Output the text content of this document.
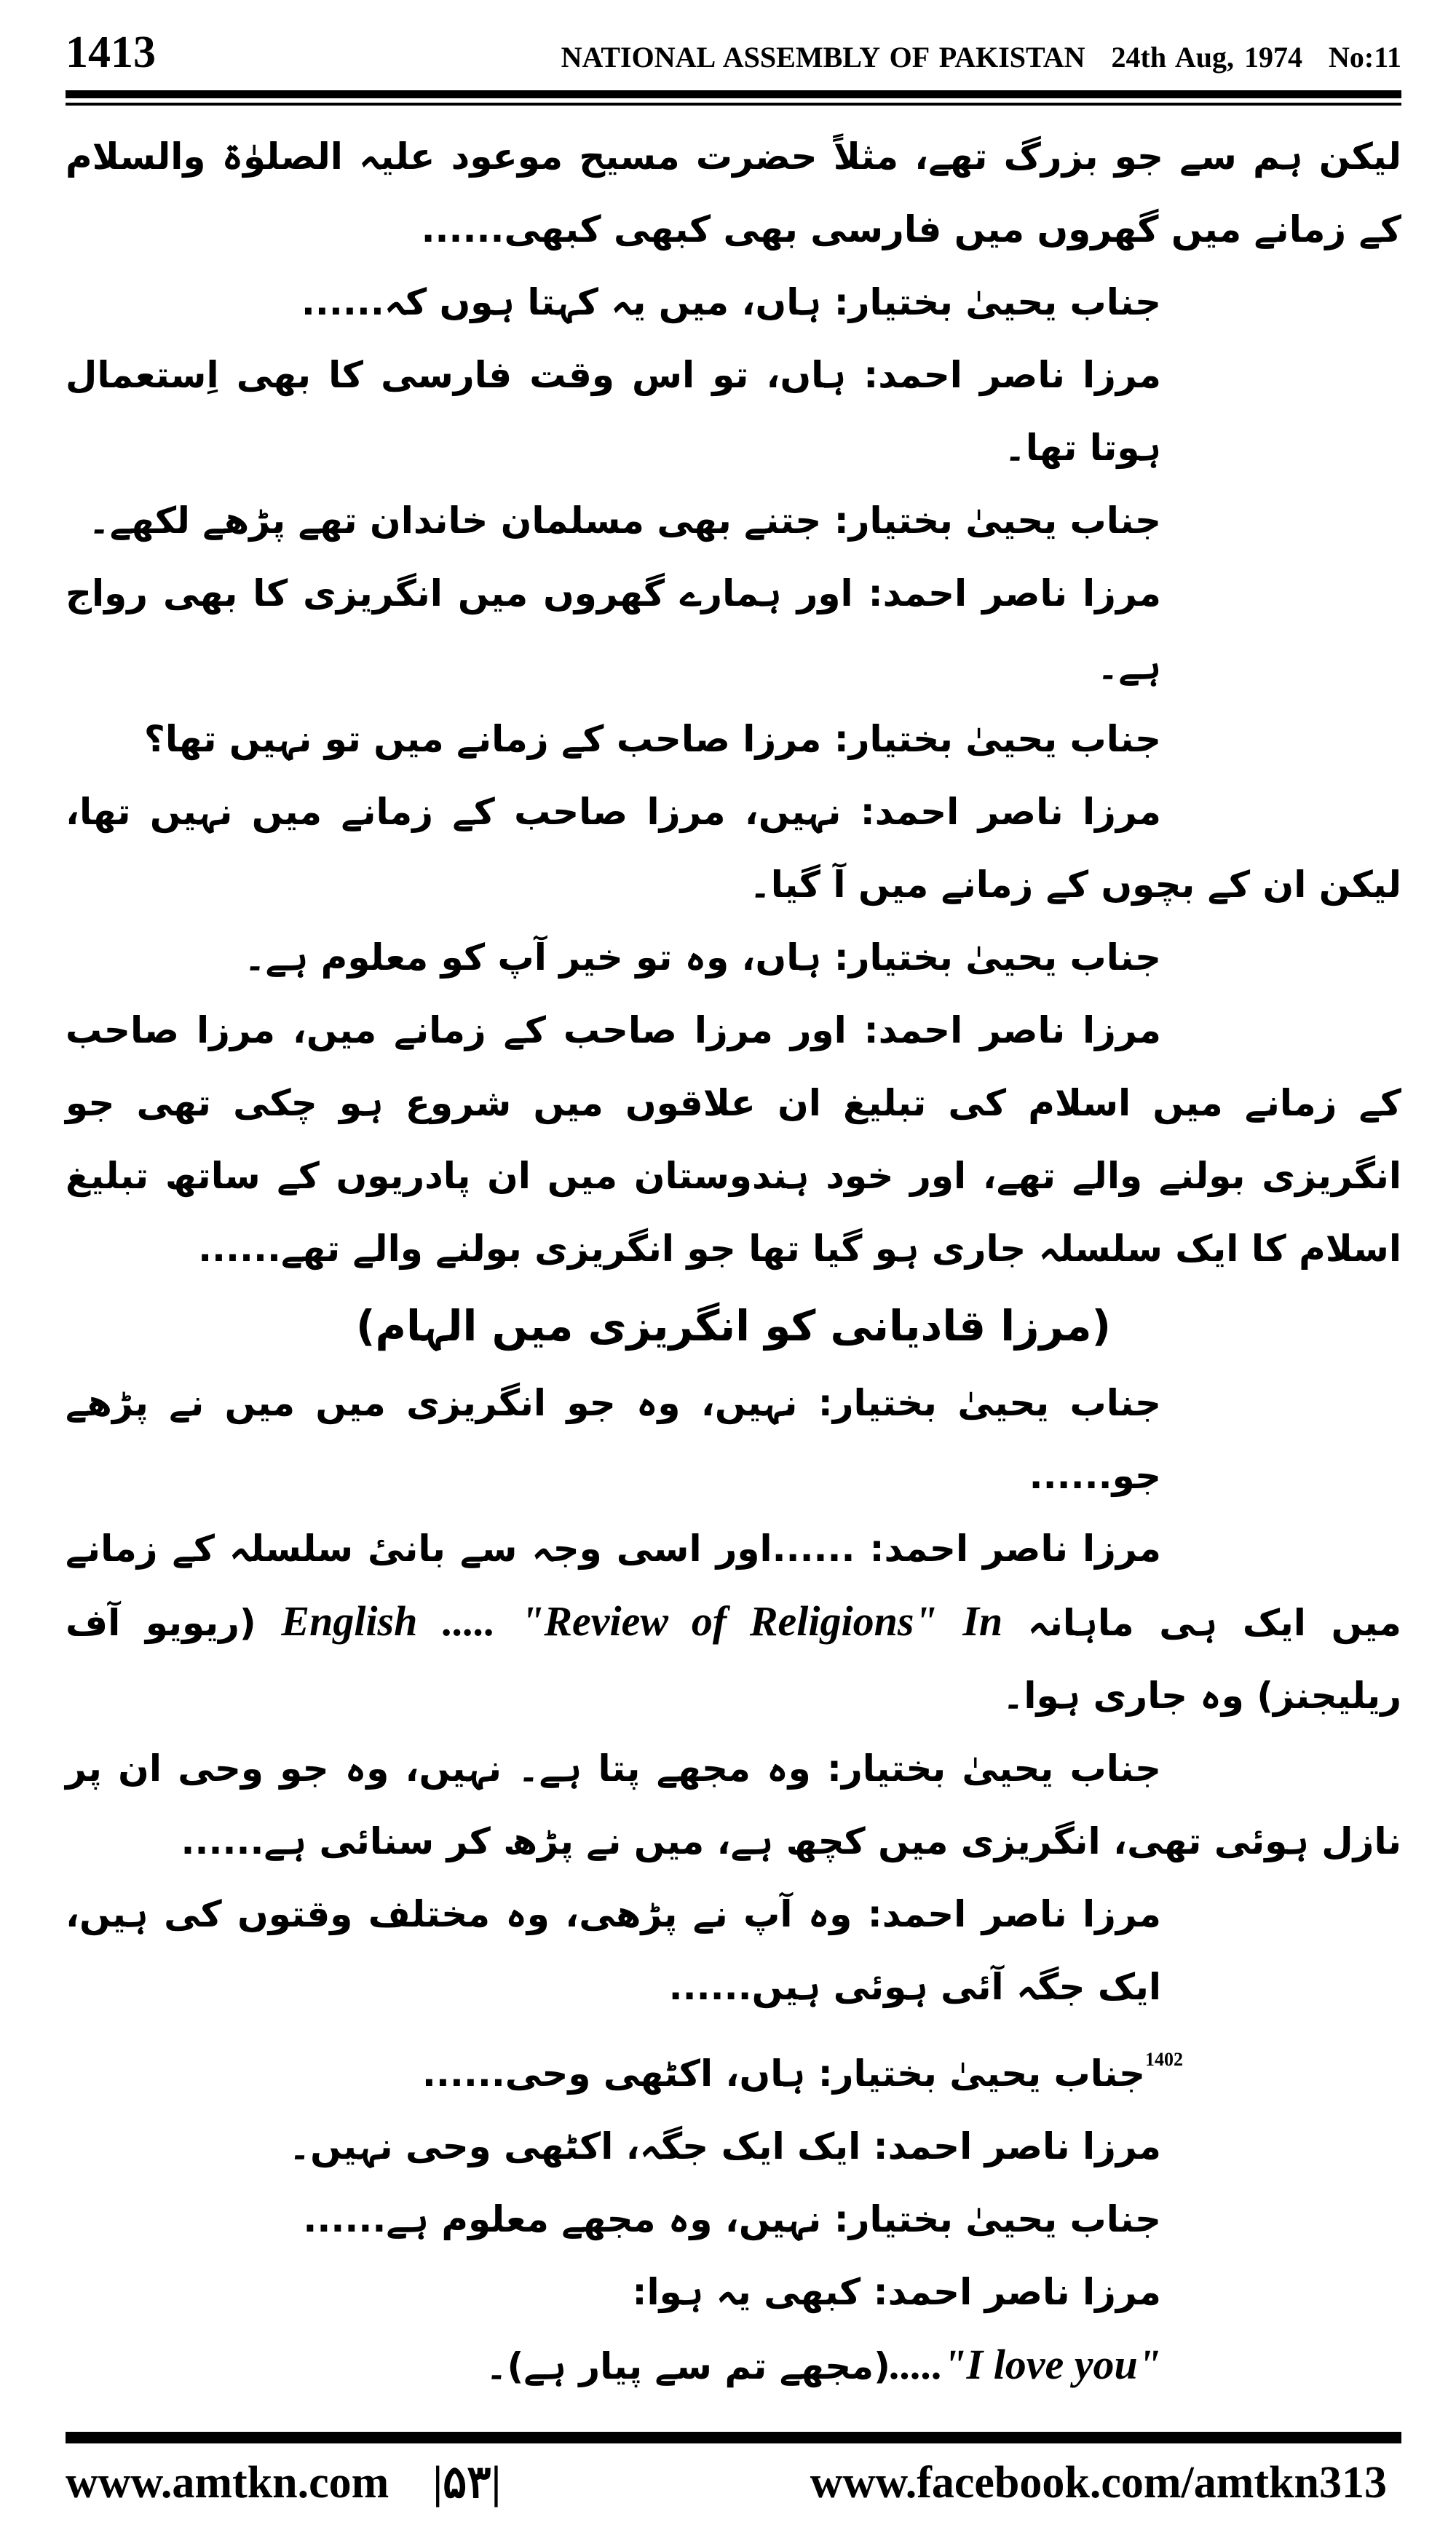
1413	NATIONAL ASSEMBLY OF PAKISTAN 24th Aug, 1974 No:11

لیکن ہم سے جو بزرگ تھے، مثلاً حضرت مسیح موعود علیہ الصلوٰۃ والسلام کے زمانے میں گھروں میں فارسی بھی کبھی کبھی......

جناب یحییٰ بختیار: ہاں، میں یہ کہتا ہوں کہ......

مرزا ناصر احمد: ہاں، تو اس وقت فارسی کا بھی اِستعمال ہوتا تھا۔

جناب یحییٰ بختیار: جتنے بھی مسلمان خاندان تھے پڑھے لکھے۔

مرزا ناصر احمد: اور ہمارے گھروں میں انگریزی کا بھی رواج ہے۔

جناب یحییٰ بختیار: مرزا صاحب کے زمانے میں تو نہیں تھا؟

مرزا ناصر احمد: نہیں، مرزا صاحب کے زمانے میں نہیں تھا، لیکن ان کے بچوں کے زمانے میں آ گیا۔

جناب یحییٰ بختیار: ہاں، وہ تو خیر آپ کو معلوم ہے۔

مرزا ناصر احمد: اور مرزا صاحب کے زمانے میں، مرزا صاحب کے زمانے میں اسلام کی تبلیغ ان علاقوں میں شروع ہو چکی تھی جو انگریزی بولنے والے تھے، اور خود ہندوستان میں ان پادریوں کے ساتھ تبلیغ اسلام کا ایک سلسلہ جاری ہو گیا تھا جو انگریزی بولنے والے تھے......

(مرزا قادیانی کو انگریزی میں الہام)

جناب یحییٰ بختیار: نہیں، وہ جو انگریزی میں میں نے پڑھے جو......

مرزا ناصر احمد: ......اور اسی وجہ سے بانیٔ سلسلہ کے زمانے میں ایک ہی ماہانہ In "Review of Religions" ..... English (ریویو آف ریلیجنز) وہ جاری ہوا۔

جناب یحییٰ بختیار: وہ مجھے پتا ہے۔ نہیں، وہ جو وحی ان پر نازل ہوئی تھی، انگریزی میں کچھ ہے، میں نے پڑھ کر سنائی ہے......

مرزا ناصر احمد: وہ آپ نے پڑھی، وہ مختلف وقتوں کی ہیں، ایک جگہ آئی ہوئی ہیں......

$^{1402}$جناب یحییٰ بختیار: ہاں، اکٹھی وحی......

مرزا ناصر احمد: ایک ایک جگہ، اکٹھی وحی نہیں۔

جناب یحییٰ بختیار: نہیں، وہ مجھے معلوم ہے......

مرزا ناصر احمد: کبھی یہ ہوا:

"I love you".....(مجھے تم سے پیار ہے)۔

www.amtkn.com |۵۳|	www.facebook.com/amtkn313
